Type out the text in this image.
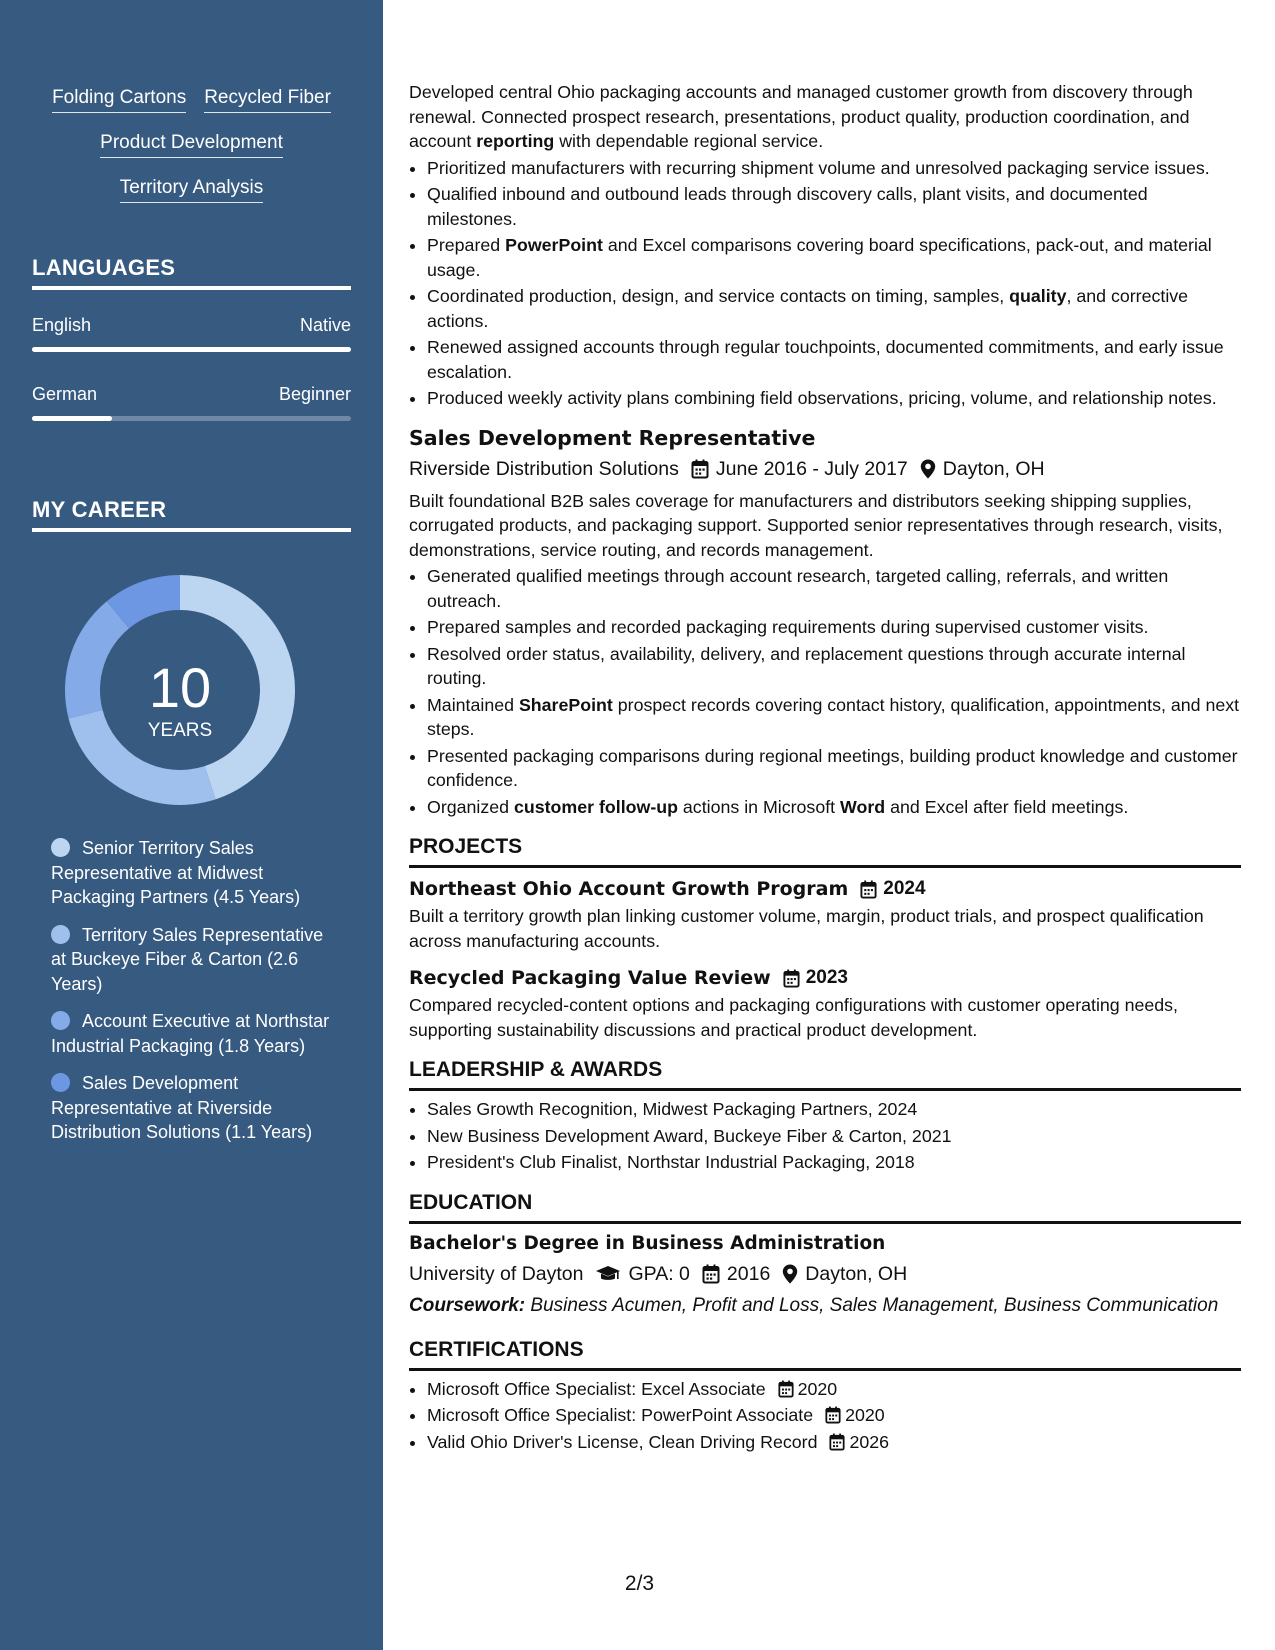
Folding Cartons Recycled Fiber
Product Development
Territory Analysis
LANGUAGES
English	Native
German	Beginner
MY CAREER
10
YEARS
Senior Territory Sales Representative at Midwest Packaging Partners (4.5 Years)
Territory Sales Representative at Buckeye Fiber & Carton (2.6 Years)
Account Executive at Northstar Industrial Packaging (1.8 Years)
Sales Development Representative at Riverside Distribution Solutions (1.1 Years)

Developed central Ohio packaging accounts and managed customer growth from discovery through renewal. Connected prospect research, presentations, product quality, production coordination, and account reporting with dependable regional service.

• Prioritized manufacturers with recurring shipment volume and unresolved packaging service issues.
• Qualified inbound and outbound leads through discovery calls, plant visits, and documented milestones.
• Prepared PowerPoint and Excel comparisons covering board specifications, pack-out, and material usage.
• Coordinated production, design, and service contacts on timing, samples, quality, and corrective actions.
• Renewed assigned accounts through regular touchpoints, documented commitments, and early issue escalation.
• Produced weekly activity plans combining field observations, pricing, volume, and relationship notes.
Sales Development Representative
Riverside Distribution Solutions June 2016 - July 2017 Dayton, OH

Built foundational B2B sales coverage for manufacturers and distributors seeking shipping supplies, corrugated products, and packaging support. Supported senior representatives through research, visits, demonstrations, service routing, and records management.

• Generated qualified meetings through account research, targeted calling, referrals, and written outreach.
• Prepared samples and recorded packaging requirements during supervised customer visits.
• Resolved order status, availability, delivery, and replacement questions through accurate internal routing.
• Maintained SharePoint prospect records covering contact history, qualification, appointments, and next steps.
• Presented packaging comparisons during regional meetings, building product knowledge and customer confidence.
• Organized customer follow-up actions in Microsoft Word and Excel after field meetings.
PROJECTS
Northeast Ohio Account Growth Program 2024

Built a territory growth plan linking customer volume, margin, product trials, and prospect qualification across manufacturing accounts.

Recycled Packaging Value Review 2023

Compared recycled-content options and packaging configurations with customer operating needs, supporting sustainability discussions and practical product development.

LEADERSHIP & AWARDS
• Sales Growth Recognition, Midwest Packaging Partners, 2024
• New Business Development Award, Buckeye Fiber & Carton, 2021
• President's Club Finalist, Northstar Industrial Packaging, 2018
EDUCATION
Bachelor's Degree in Business Administration
University of Dayton GPA: 0 2016 Dayton, OH

Coursework: Business Acumen, Profit and Loss, Sales Management, Business Communication

CERTIFICATIONS
• Microsoft Office Specialist: Excel Associate 2020
• Microsoft Office Specialist: PowerPoint Associate 2020
• Valid Ohio Driver's License, Clean Driving Record 2026
2/3
